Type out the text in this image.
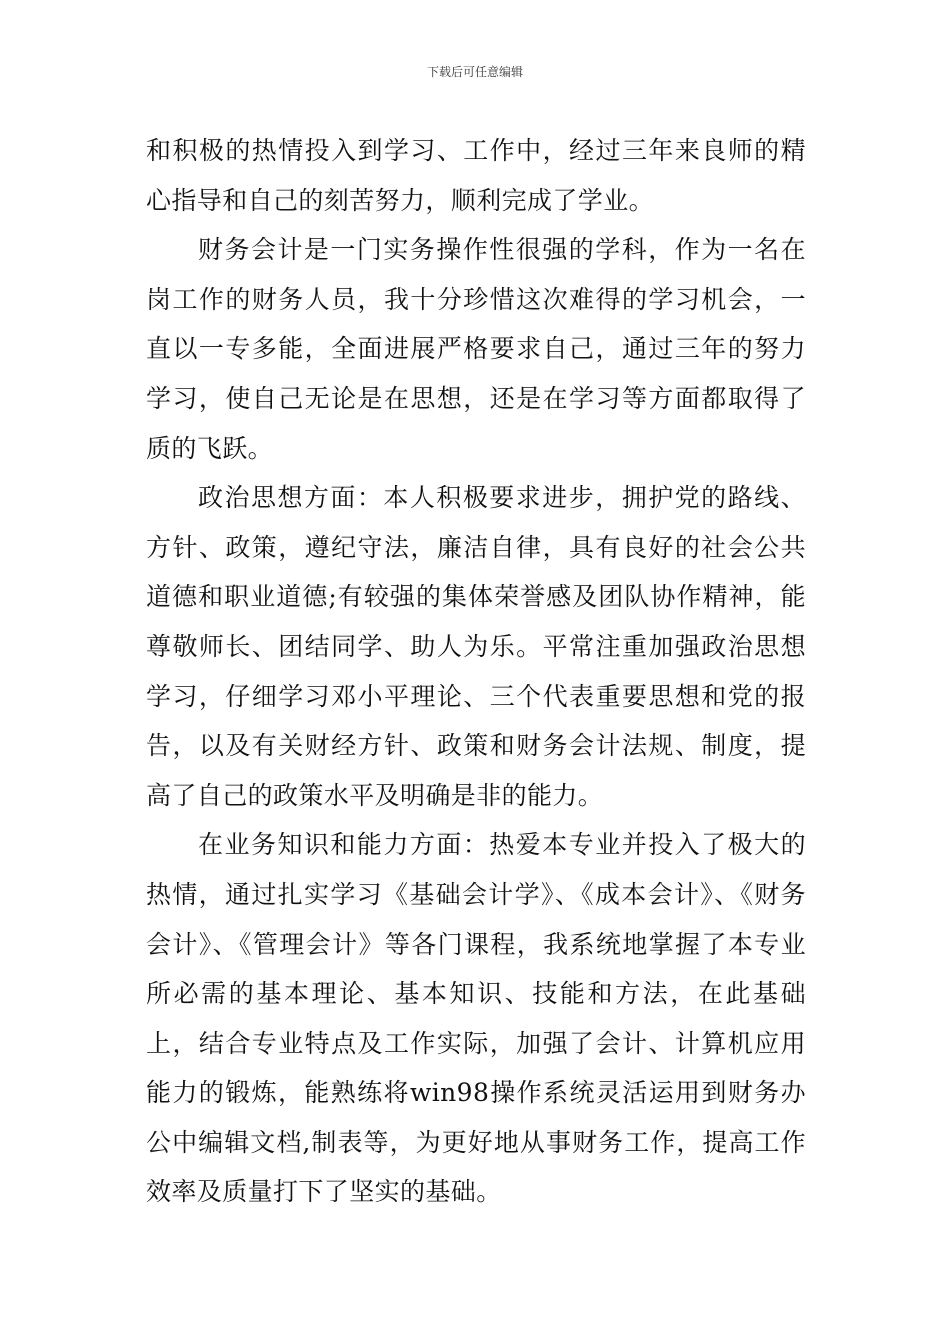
下载后可任意编辑

和积极的热情投入到学习、工作中，经过三年来良师的精心指导和自己的刻苦努力，顺利完成了学业。

财务会计是一门实务操作性很强的学科，作为一名在岗工作的财务人员，我十分珍惜这次难得的学习机会，一直以一专多能，全面进展严格要求自己，通过三年的努力学习，使自己无论是在思想，还是在学习等方面都取得了质的飞跃。

政治思想方面：本人积极要求进步，拥护党的路线、方针、政策，遵纪守法，廉洁自律，具有良好的社会公共道德和职业道德;有较强的集体荣誉感及团队协作精神，能尊敬师长、团结同学、助人为乐。平常注重加强政治思想学习，仔细学习邓小平理论、三个代表重要思想和党的报告，以及有关财经方针、政策和财务会计法规、制度，提高了自己的政策水平及明确是非的能力。

在业务知识和能力方面：热爱本专业并投入了极大的热情，通过扎实学习《基础会计学》、《成本会计》、《财务会计》、《管理会计》等各门课程，我系统地掌握了本专业所必需的基本理论、基本知识、技能和方法，在此基础上，结合专业特点及工作实际，加强了会计、计算机应用能力的锻炼，能熟练将win98操作系统灵活运用到财务办公中编辑文档,制表等，为更好地从事财务工作，提高工作效率及质量打下了坚实的基础。
